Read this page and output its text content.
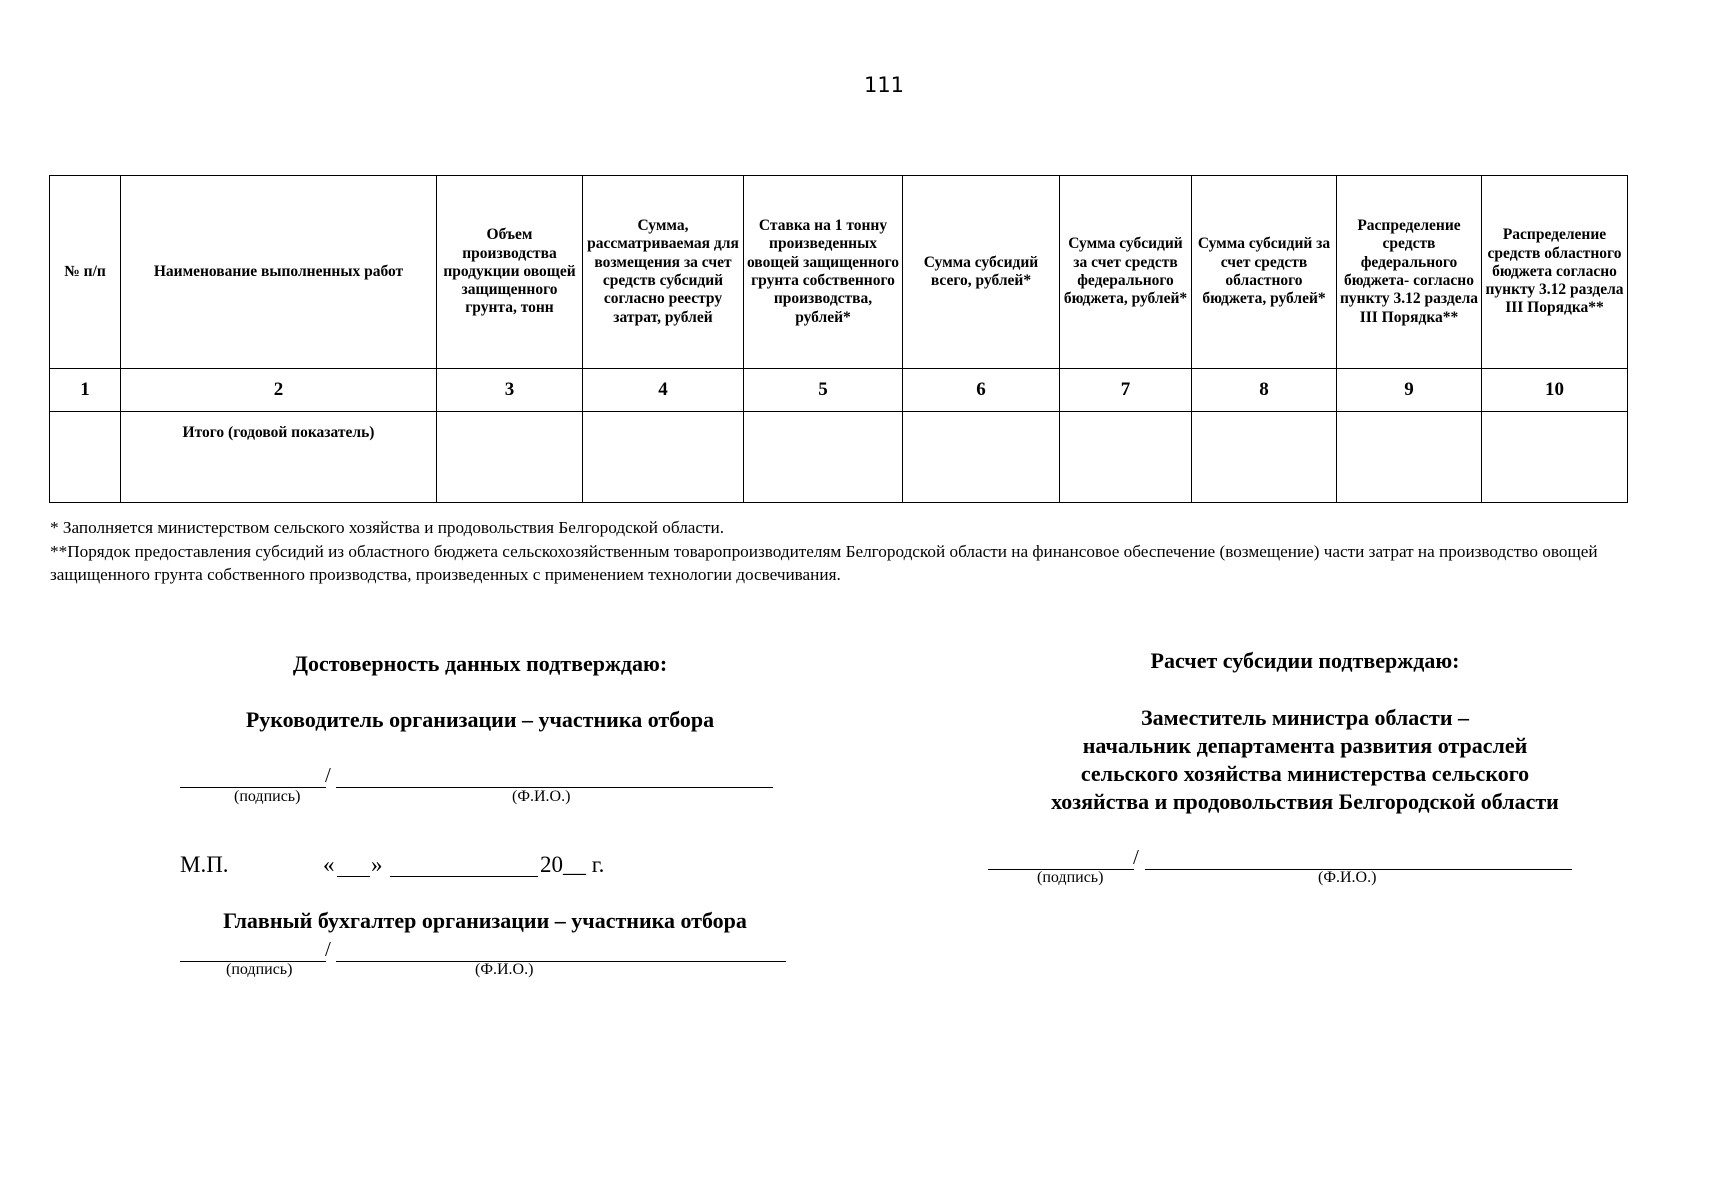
111
№ п/п	Наименование выполненных работ	Объем производства продукции овощей защищенного грунта, тонн	Сумма, рассматриваемая для возмещения за счет средств субсидий согласно реестру затрат, рублей	Ставка на 1 тонну произведенных овощей защищенного грунта собственного производства, рублей*	Сумма субсидий всего, рублей*	Сумма субсидий за счет средств федерального бюджета, рублей*	Сумма субсидий за счет средств областного бюджета, рублей*	Распределение средств федерального бюджета- согласно пункту 3.12 раздела III Порядка**	Распределение средств областного бюджета согласно пункту 3.12 раздела III Порядка**
1	2	3	4	5	6	7	8	9	10
	Итого (годовой показатель)								

* Заполняется министерством сельского хозяйства и продовольствия Белгородской области.

**Порядок предоставления субсидий из областного бюджета сельскохозяйственным товаропроизводителям Белгородской области на финансовое обеспечение (возмещение) части затрат на производство овощей защищенного грунта собственного производства, произведенных с применением технологии досвечивания.

Достоверность данных подтверждаю:
Руководитель организации – участника отбора
/
(подпись)	(Ф.И.О.)
М.П.	« »	20__ г.
Главный бухгалтер организации – участника отбора
/
(подпись)	(Ф.И.О.)
Расчет субсидии подтверждаю:
Заместитель министра области –
начальник департамента развития отраслей
сельского хозяйства министерства сельского
хозяйства и продовольствия Белгородской области
/
(подпись)	(Ф.И.О.)
